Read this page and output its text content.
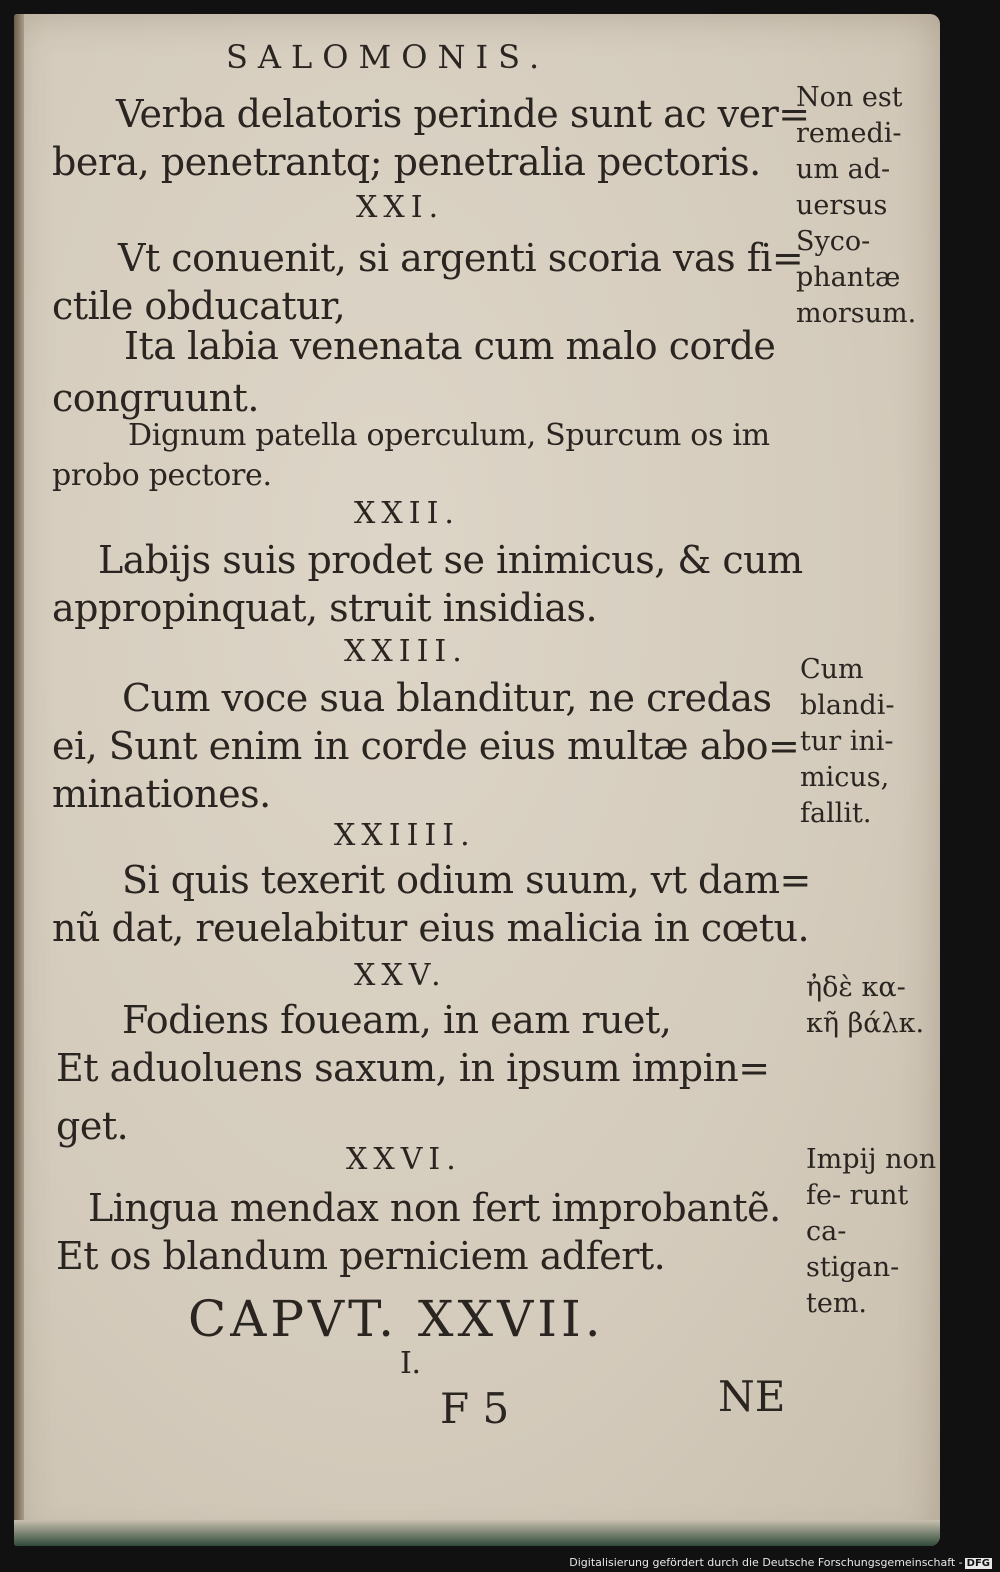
SALOMONIS.

Verba delatoris perinde sunt ac ver=

bera, penetrantq; penetralia pectoris.

XXI.

Vt conuenit, si argenti scoria vas fi=

ctile obducatur,

Ita labia venenata cum malo corde

congruunt.

Dignum patella operculum, Spurcum os im

probo pectore.

XXII.

Labijs suis prodet se inimicus, & cum

appropinquat, struit insidias.

XXIII.

Cum voce sua blanditur, ne credas

ei, Sunt enim in corde eius multæ abo=

minationes.

XXIIII.

Si quis texerit odium suum, vt dam=

nũ dat, reuelabitur eius malicia in cœtu.

XXV.

Fodiens foueam, in eam ruet,

Et aduoluens saxum, in ipsum impin=

get.

XXVI.

Lingua mendax non fert improbantẽ.

Et os blandum perniciem adfert.

CAPVT. XXVII.

I.

Non est remedi- um ad- uersus Syco- phantæ morsum.

Cum blandi- tur ini- micus, fallit.

ἠδὲ κα- κῆ βάλκ.

Impij non fe- runt ca- stigan- tem.

F 5	NE

Digitalisierung gefördert durch die Deutsche Forschungsgemeinschaft - DFG
